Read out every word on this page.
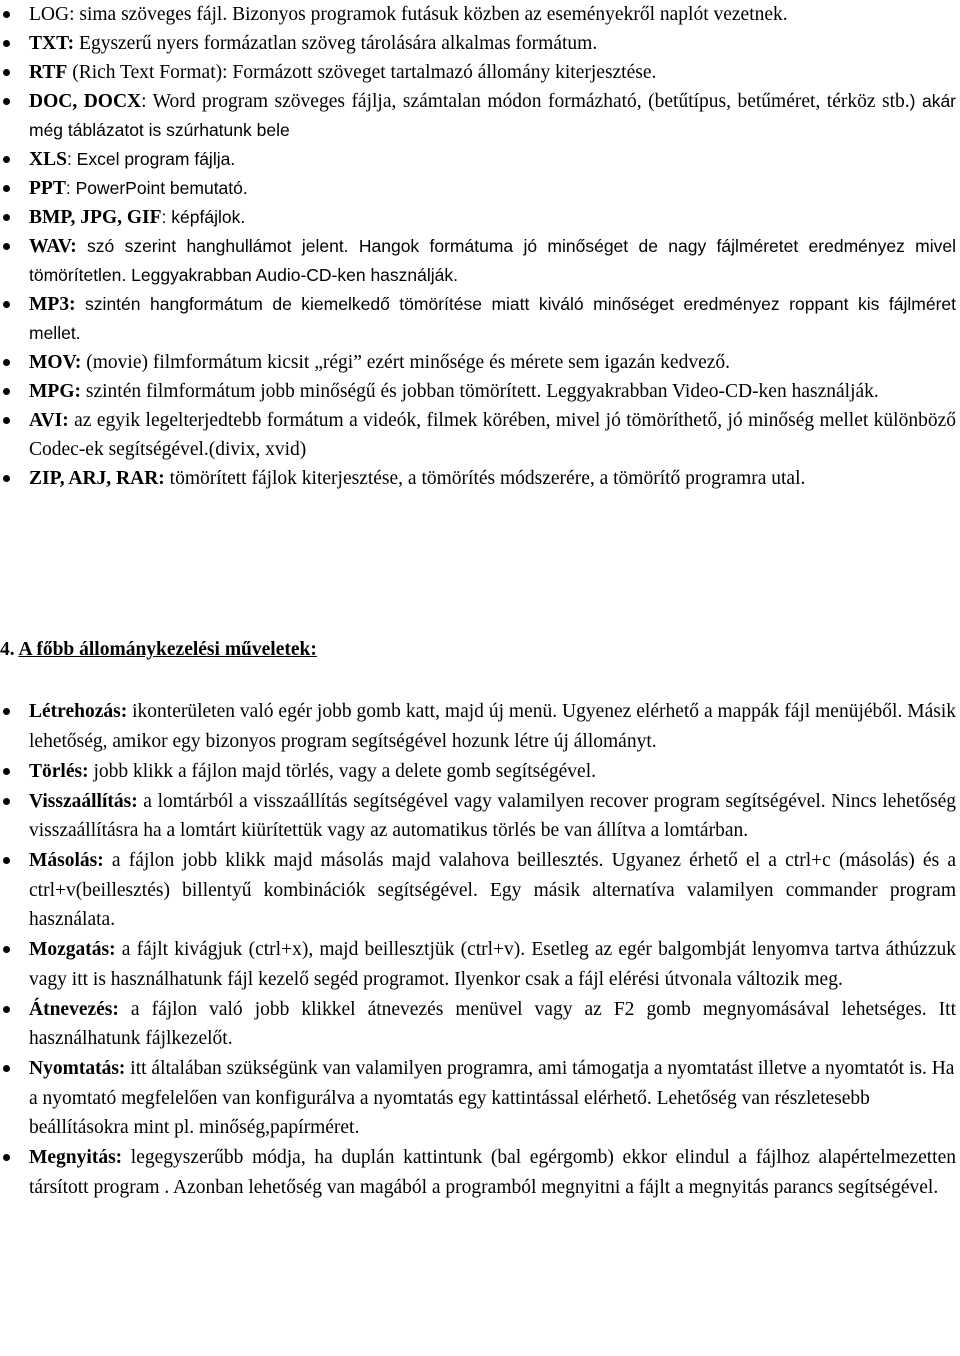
LOG: sima szöveges fájl. Bizonyos programok futásuk közben az eseményekről naplót vezetnek.
TXT: Egyszerű nyers formázatlan szöveg tárolására alkalmas formátum.
RTF (Rich Text Format): Formázott szöveget tartalmazó állomány kiterjesztése.
DOC, DOCX: Word program szöveges fájlja, számtalan módon formázható, (betűtípus, betűméret, térköz stb.) akár még táblázatot is szúrhatunk bele
XLS: Excel program fájlja.
PPT: PowerPoint bemutató.
BMP, JPG, GIF: képfájlok.
WAV: szó szerint hanghullámot jelent. Hangok formátuma jó minőséget de nagy fájlméretet eredményez mivel tömörítetlen. Leggyakrabban Audio-CD-ken használják.
MP3: szintén hangformátum de kiemelkedő tömörítése miatt kiváló minőséget eredményez roppant kis fájlméret mellet.
MOV: (movie) filmformátum kicsit „régi” ezért minősége és mérete sem igazán kedvező.
MPG: szintén filmformátum jobb minőségű és jobban tömörített. Leggyakrabban Video-CD-ken használják.
AVI: az egyik legelterjedtebb formátum a videók, filmek körében, mivel jó tömöríthető, jó minőség mellet különböző Codec-ek segítségével.(divix, xvid)
ZIP, ARJ, RAR: tömörített fájlok kiterjesztése, a tömörítés módszerére, a tömörítő programra utal.
4. A főbb állománykezelési műveletek:
Létrehozás: ikonterületen való egér jobb gomb katt, majd új menü. Ugyenez elérhető a mappák fájl menüjéből. Másik lehetőség, amikor egy bizonyos program segítségével hozunk létre új állományt.
Törlés: jobb klikk a fájlon majd törlés, vagy a delete gomb segítségével.
Visszaállítás: a lomtárból a visszaállítás segítségével vagy valamilyen recover program segítségével. Nincs lehetőség visszaállításra ha a lomtárt kiürítettük vagy az automatikus törlés be van állítva a lomtárban.
Másolás: a fájlon jobb klikk majd másolás majd valahova beillesztés. Ugyanez érhető el a ctrl+c (másolás) és a ctrl+v(beillesztés) billentyű kombinációk segítségével. Egy másik alternatíva valamilyen commander program használata.
Mozgatás: a fájlt kivágjuk (ctrl+x), majd beillesztjük (ctrl+v). Esetleg az egér balgombját lenyomva tartva áthúzzuk vagy itt is használhatunk fájl kezelő segéd programot. Ilyenkor csak a fájl elérési útvonala változik meg.
Átnevezés: a fájlon való jobb klikkel átnevezés menüvel vagy az F2 gomb megnyomásával lehetséges. Itt használhatunk fájlkezelőt.
Nyomtatás: itt általában szükségünk van valamilyen programra, ami támogatja a nyomtatást illetve a nyomtatót is. Ha a nyomtató megfelelően van konfigurálva a nyomtatás egy kattintással elérhető. Lehetőség van részletesebb beállításokra mint pl. minőség,papírméret.
Megnyitás: legegyszerűbb módja, ha duplán kattintunk (bal egérgomb) ekkor elindul a fájlhoz alapértelmezetten társított program . Azonban lehetőség van magából a programból megnyitni a fájlt a megnyitás parancs segítségével.
